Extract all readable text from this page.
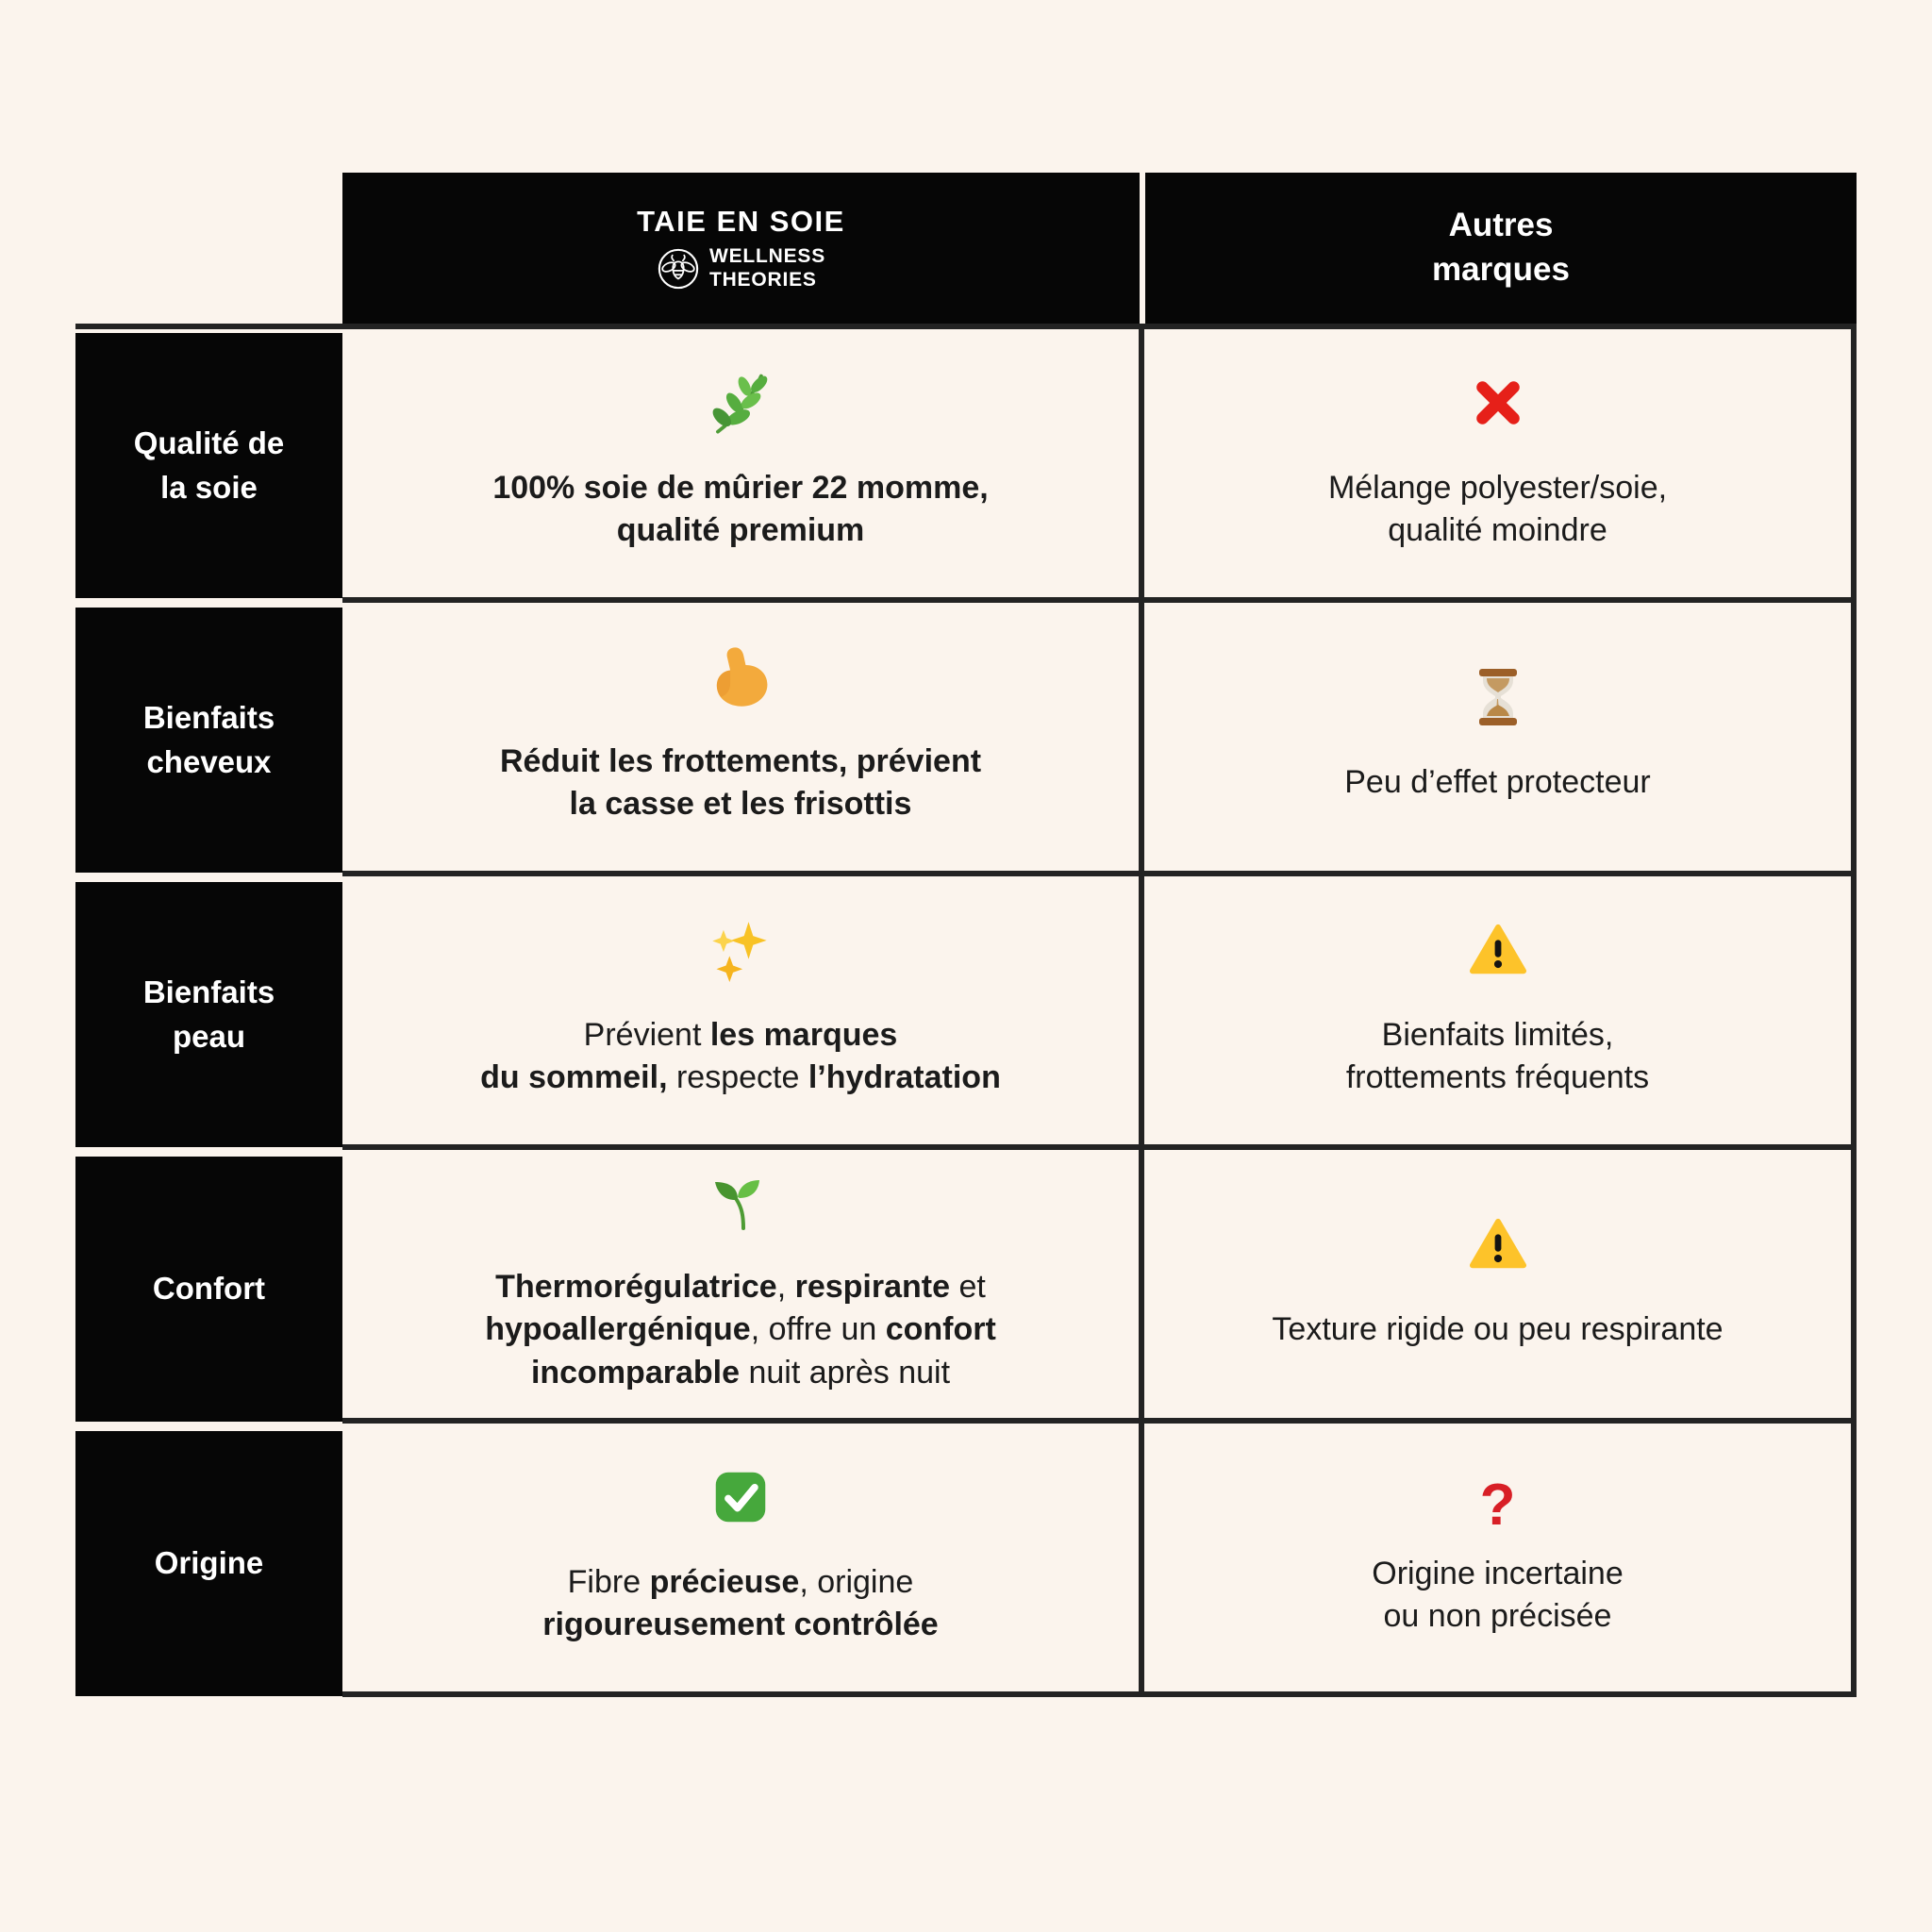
TAIE EN SOIE
WELLNESS
THEORIES
Autres
marques
Qualité de
la soie
Bienfaits
cheveux
Bienfaits
peau
Confort
Origine
100% soie de mûrier 22 momme,
qualité premium
Mélange polyester/soie,
qualité moindre
Réduit les frottements, prévient
la casse et les frisottis
Peu d’effet protecteur
Prévient les marques
du sommeil, respecte l’hydratation
Bienfaits limités,
frottements fréquents
Thermorégulatrice, respirante et
hypoallergénique, offre un confort
incomparable nuit après nuit
Texture rigide ou peu respirante
Fibre précieuse, origine
rigoureusement contrôlée
?
Origine incertaine
ou non précisée
